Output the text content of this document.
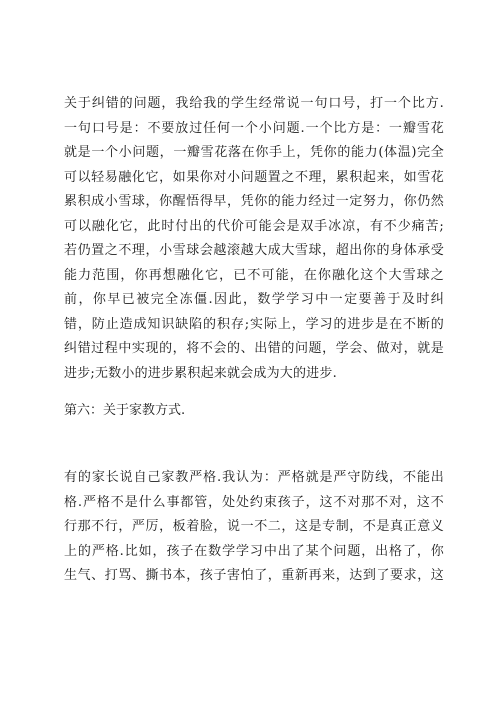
关于纠错的问题，我给我的学生经常说一句口号，打一个比方.
一句口号是：不要放过任何一个小问题.一个比方是：一瓣雪花
就是一个小问题，一瓣雪花落在你手上，凭你的能力(体温)完全
可以轻易融化它，如果你对小问题置之不理，累积起来，如雪花
累积成小雪球，你醒悟得早，凭你的能力经过一定努力，你仍然
可以融化它，此时付出的代价可能会是双手冰凉，有不少痛苦;
若仍置之不理，小雪球会越滚越大成大雪球，超出你的身体承受
能力范围，你再想融化它，已不可能，在你融化这个大雪球之
前，你早已被完全冻僵.因此，数学学习中一定要善于及时纠
错，防止造成知识缺陷的积存;实际上，学习的进步是在不断的
纠错过程中实现的，将不会的、出错的问题，学会、做对，就是
进步;无数小的进步累积起来就会成为大的进步.
第六：关于家教方式.
有的家长说自己家教严格.我认为：严格就是严守防线，不能出
格.严格不是什么事都管，处处约束孩子，这不对那不对，这不
行那不行，严厉，板着脸，说一不二，这是专制，不是真正意义
上的严格.比如，孩子在数学学习中出了某个问题，出格了，你
生气、打骂、撕书本，孩子害怕了，重新再来，达到了要求，这
